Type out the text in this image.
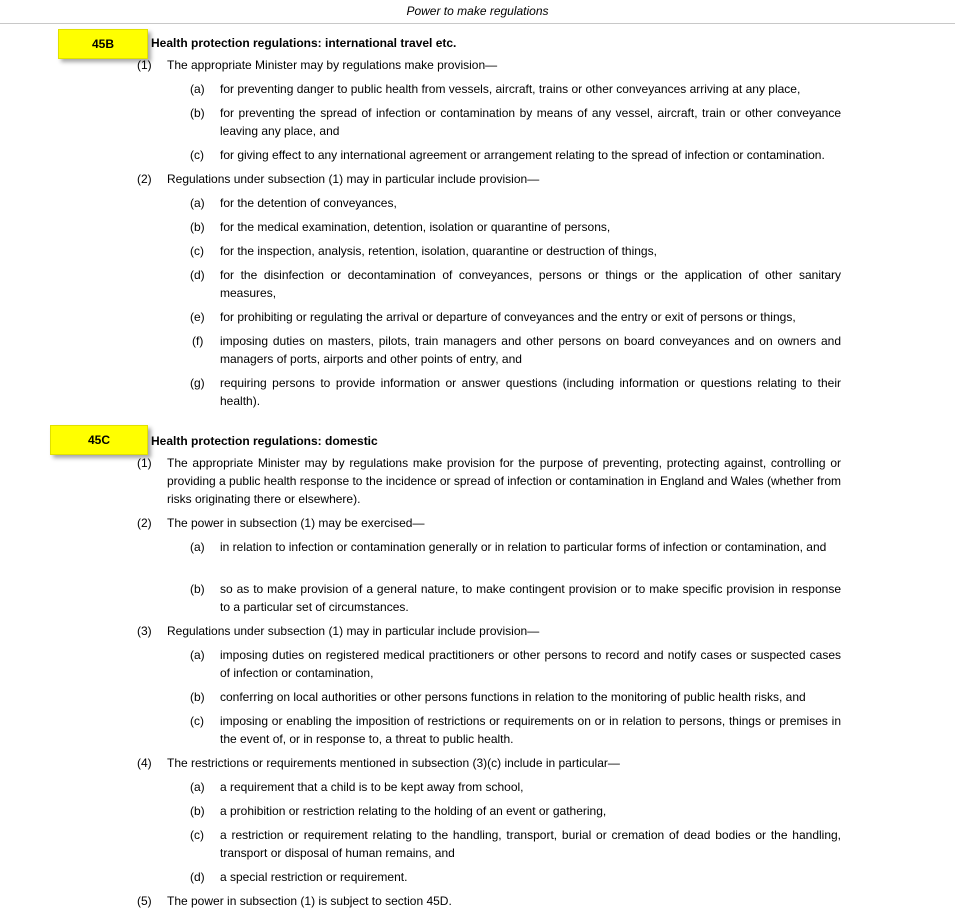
Power to make regulations
45B	Health protection regulations: international travel etc.
(1) The appropriate Minister may by regulations make provision—
(a) for preventing danger to public health from vessels, aircraft, trains or other conveyances arriving at any place,
(b) for preventing the spread of infection or contamination by means of any vessel, aircraft, train or other conveyance leaving any place, and
(c) for giving effect to any international agreement or arrangement relating to the spread of infection or contamination.
(2) Regulations under subsection (1) may in particular include provision—
(a) for the detention of conveyances,
(b) for the medical examination, detention, isolation or quarantine of persons,
(c) for the inspection, analysis, retention, isolation, quarantine or destruction of things,
(d) for the disinfection or decontamination of conveyances, persons or things or the application of other sanitary measures,
(e) for prohibiting or regulating the arrival or departure of conveyances and the entry or exit of persons or things,
(f) imposing duties on masters, pilots, train managers and other persons on board conveyances and on owners and managers of ports, airports and other points of entry, and
(g) requiring persons to provide information or answer questions (including information or questions relating to their health).
45C	Health protection regulations: domestic
(1) The appropriate Minister may by regulations make provision for the purpose of preventing, protecting against, controlling or providing a public health response to the incidence or spread of infection or contamination in England and Wales (whether from risks originating there or elsewhere).
(2) The power in subsection (1) may be exercised—
(a) in relation to infection or contamination generally or in relation to particular forms of infection or contamination, and
(b) so as to make provision of a general nature, to make contingent provision or to make specific provision in response to a particular set of circumstances.
(3) Regulations under subsection (1) may in particular include provision—
(a) imposing duties on registered medical practitioners or other persons to record and notify cases or suspected cases of infection or contamination,
(b) conferring on local authorities or other persons functions in relation to the monitoring of public health risks, and
(c) imposing or enabling the imposition of restrictions or requirements on or in relation to persons, things or premises in the event of, or in response to, a threat to public health.
(4) The restrictions or requirements mentioned in subsection (3)(c) include in particular—
(a) a requirement that a child is to be kept away from school,
(b) a prohibition or restriction relating to the holding of an event or gathering,
(c) a restriction or requirement relating to the handling, transport, burial or cremation of dead bodies or the handling, transport or disposal of human remains, and
(d) a special restriction or requirement.
(5) The power in subsection (1) is subject to section 45D.
